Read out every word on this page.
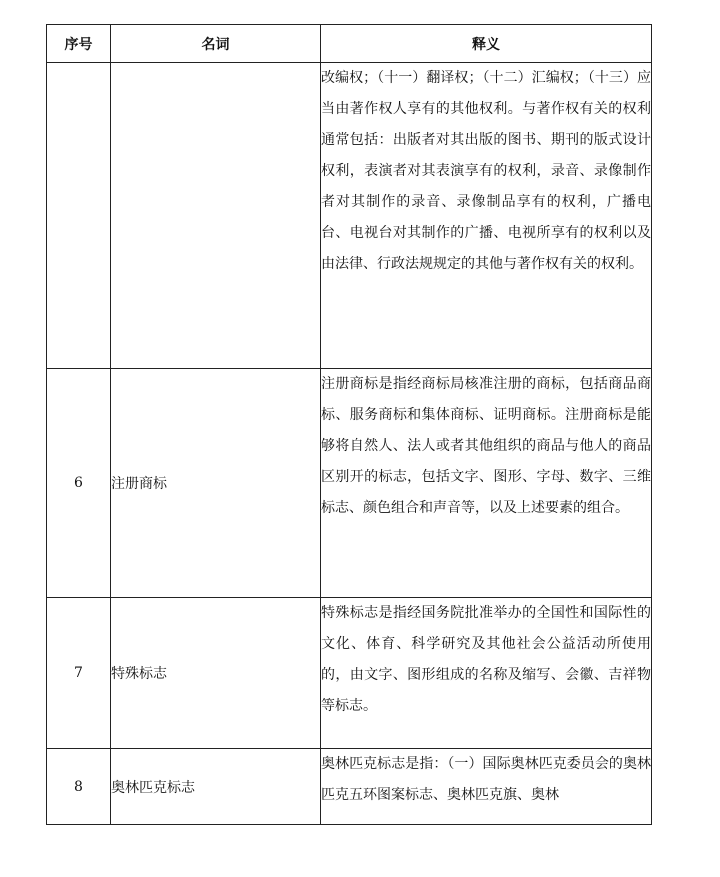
序号	名词	释义
		改编权；（十一）翻译权；（十二）汇编权；（十三）应当由著作权人享有的其他权利。与著作权有关的权利通常包括：出版者对其出版的图书、期刊的版式设计权利，表演者对其表演享有的权利，录音、录像制作者对其制作的录音、录像制品享有的权利，广播电台、电视台对其制作的广播、电视所享有的权利以及由法律、行政法规规定的其他与著作权有关的权利。
6	注册商标	注册商标是指经商标局核准注册的商标，包括商品商标、服务商标和集体商标、证明商标。注册商标是能够将自然人、法人或者其他组织的商品与他人的商品区别开的标志，包括文字、图形、字母、数字、三维标志、颜色组合和声音等，以及上述要素的组合。
7	特殊标志	特殊标志是指经国务院批准举办的全国性和国际性的文化、体育、科学研究及其他社会公益活动所使用的，由文字、图形组成的名称及缩写、会徽、吉祥物等标志。
8	奥林匹克标志	奥林匹克标志是指：（一）国际奥林匹克委员会的奥林匹克五环图案标志、奥林匹克旗、奥林
